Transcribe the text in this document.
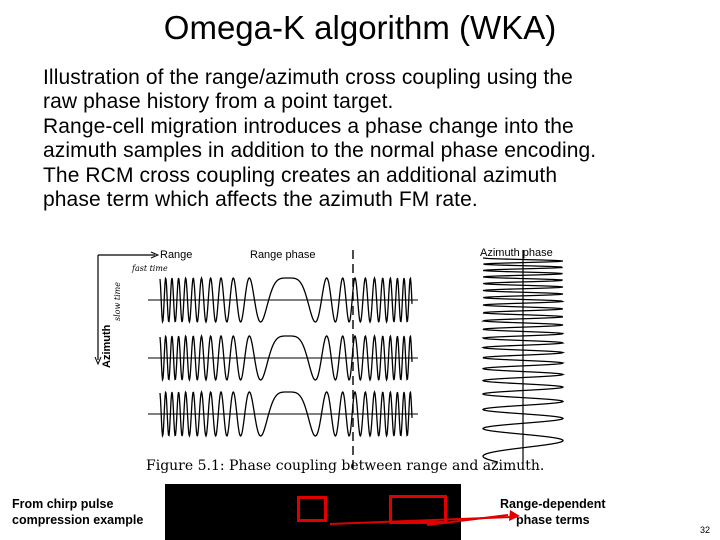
Omega-K algorithm (WKA)
Illustration of the range/azimuth cross coupling using the
raw phase history from a point target.
Range-cell migration introduces a phase change into the
azimuth samples in addition to the normal phase encoding.
The RCM cross coupling creates an additional azimuth
phase term which affects the azimuth FM rate.
Range
fast time
Range phase	Azimuth phase
slow time
Azimuth
Figure 5.1: Phase coupling between range and azimuth.
From chirp pulse
compression example
Range-dependent
phase terms
32
